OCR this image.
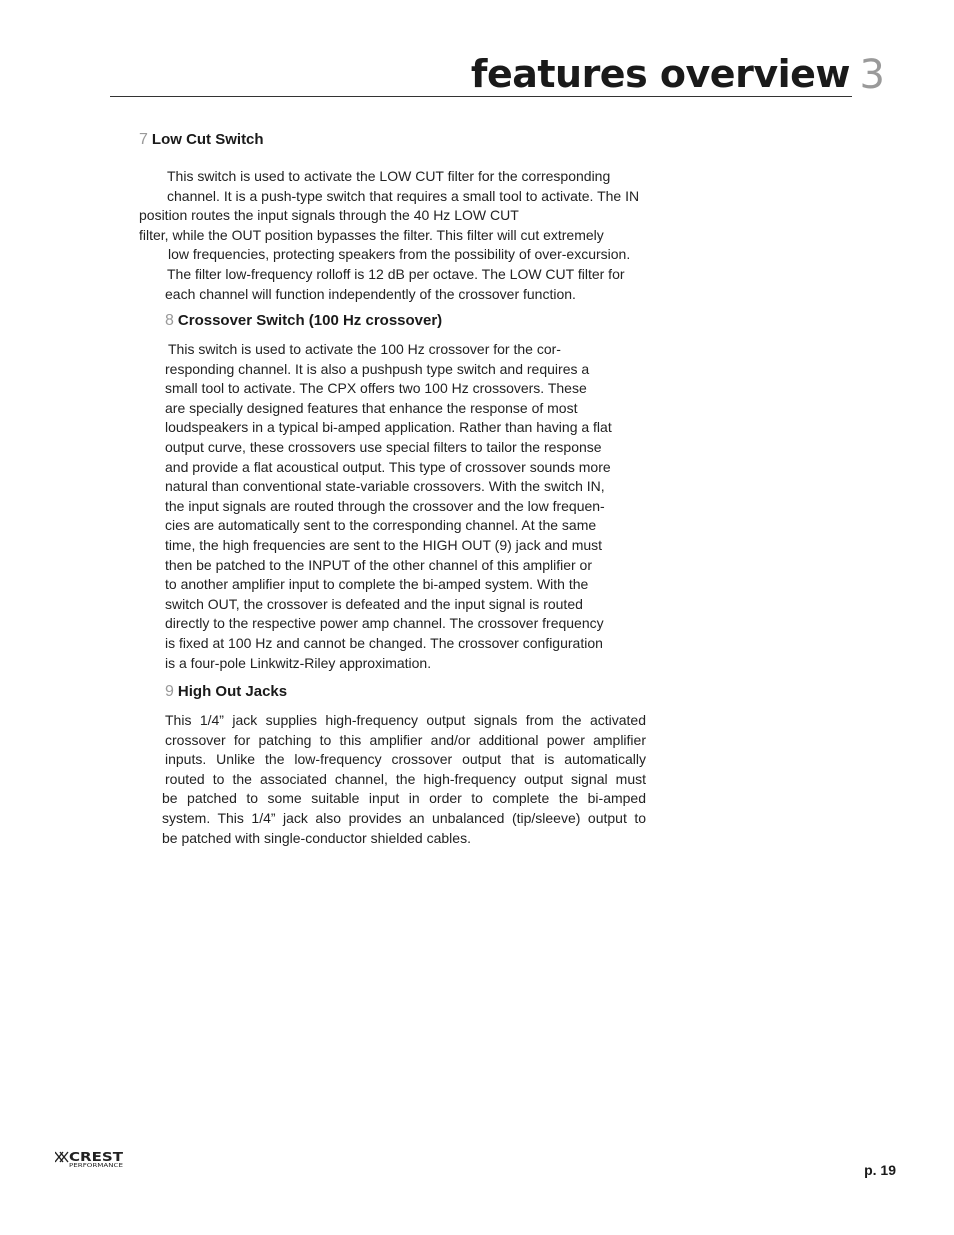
features overview 3
7 Low Cut Switch
This switch is used to activate the LOW CUT filter for the corresponding
channel. It is a push-type switch that requires a small tool to activate. The IN
position routes the input signals through the 40 Hz LOW CUT
filter, while the OUT position bypasses the filter. This filter will cut extremely
low frequencies, protecting speakers from the possibility of over-excursion.
The filter low-frequency rolloff is 12 dB per octave. The LOW CUT filter for
each channel will function independently of the crossover function.
8 Crossover Switch (100 Hz crossover)
This switch is used to activate the 100 Hz crossover for the cor-
responding channel. It is also a pushpush type switch and requires a
small tool to activate. The CPX offers two 100 Hz crossovers. These
are specially designed features that enhance the response of most
loudspeakers in a typical bi-amped application. Rather than having a flat
output curve, these crossovers use special filters to tailor the response
and provide a flat acoustical output. This type of crossover sounds more
natural than conventional state-variable crossovers. With the switch IN,
the input signals are routed through the crossover and the low frequen-
cies are automatically sent to the corresponding channel. At the same
time, the high frequencies are sent to the HIGH OUT (9) jack and must
then be patched to the INPUT of the other channel of this amplifier or
to another amplifier input to complete the bi-amped system. With the
switch OUT, the crossover is defeated and the input signal is routed
directly to the respective power amp channel. The crossover frequency
is fixed at 100 Hz and cannot be changed. The crossover configuration
is a four-pole Linkwitz-Riley approximation.
9 High Out Jacks
This 1/4” jack supplies high-frequency output signals from the activated
crossover for patching to this amplifier and/or additional power amplifier
inputs. Unlike the low-frequency crossover output that is automatically
routed to the associated channel, the high-frequency output signal must
be patched to some suitable input in order to complete the bi-amped
system. This 1/4” jack also provides an unbalanced (tip/sleeve) output to
be patched with single-conductor shielded cables.
CREST
PERFORMANCE	p. 19
